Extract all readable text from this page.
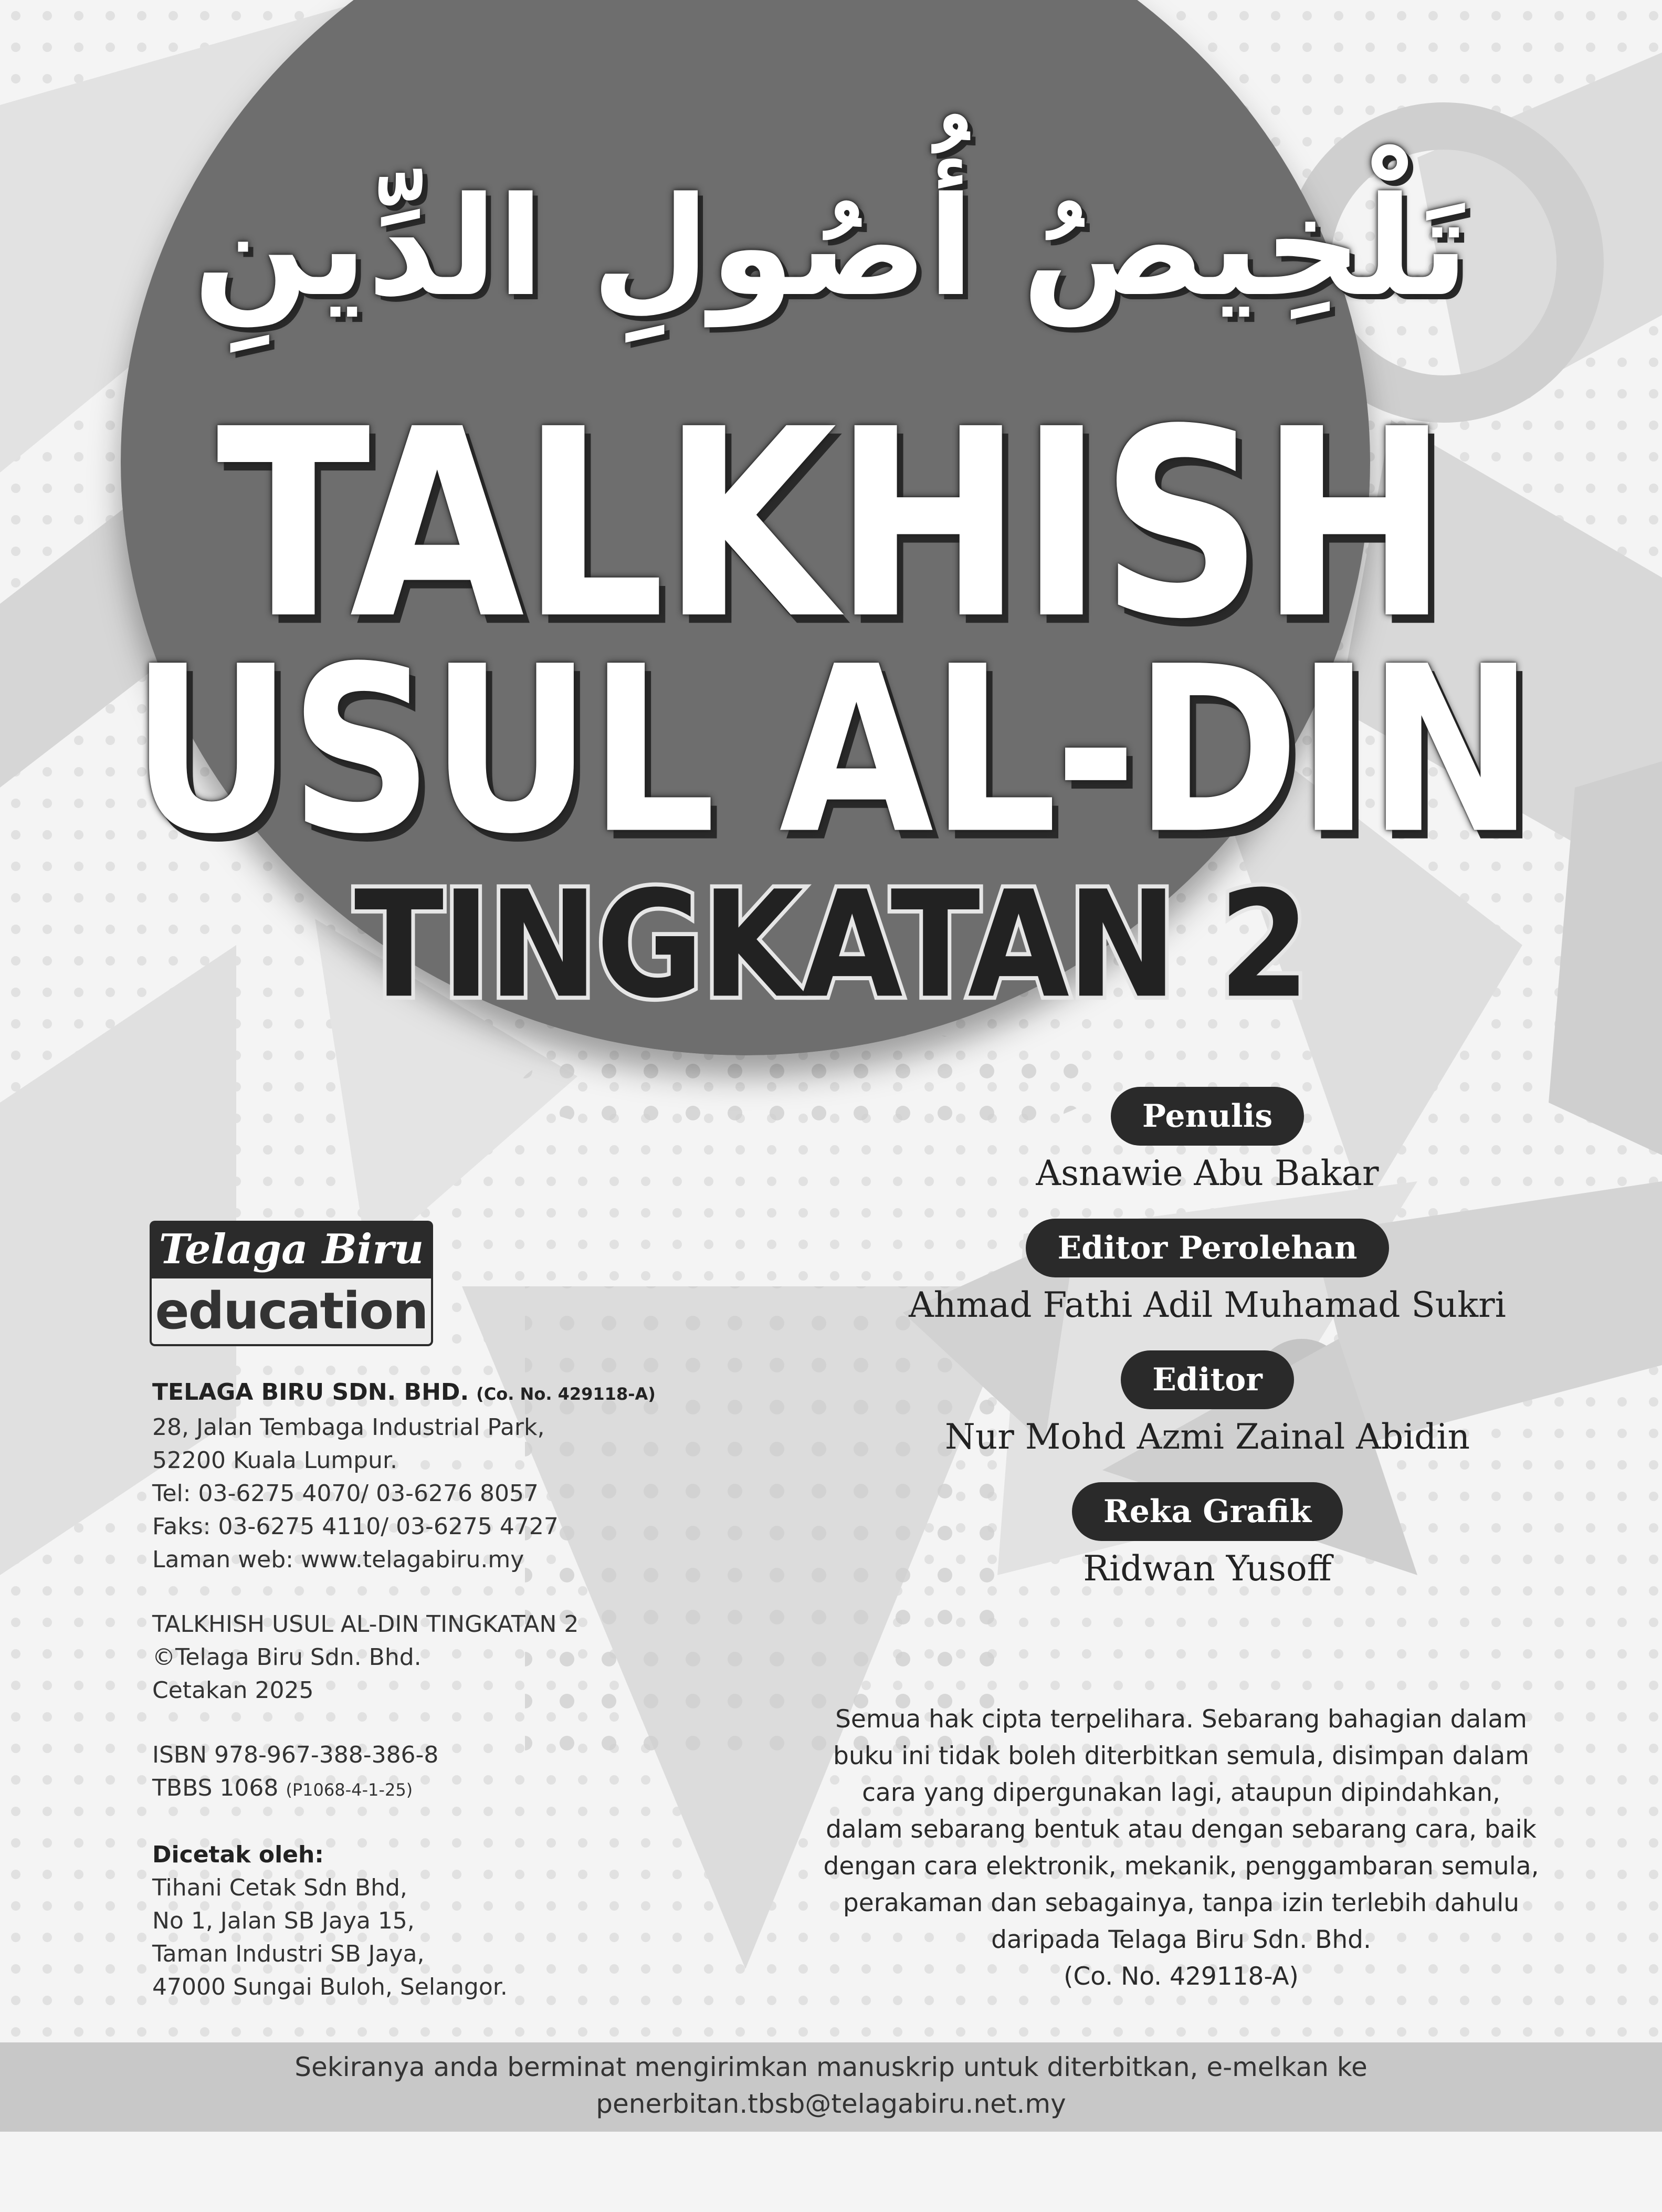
تَلْخِيصُ أُصُولِ الدِّينِ
TALKHISH
USUL AL-DIN
TINGKATAN 2
Penulis
Asnawie Abu Bakar
Editor Perolehan
Ahmad Fathi Adil Muhamad Sukri
Editor
Nur Mohd Azmi Zainal Abidin
Reka Grafik
Ridwan Yusoff
Telaga Biru
education
TELAGA BIRU SDN. BHD. (Co. No. 429118-A)
28, Jalan Tembaga Industrial Park,
52200 Kuala Lumpur.
Tel: 03-6275 4070/ 03-6276 8057
Faks: 03-6275 4110/ 03-6275 4727
Laman web: www.telagabiru.my
TALKHISH USUL AL-DIN TINGKATAN 2
©Telaga Biru Sdn. Bhd.
Cetakan 2025
ISBN 978-967-388-386-8
TBBS 1068 (P1068-4-1-25)
Dicetak oleh:
Tihani Cetak Sdn Bhd,
No 1, Jalan SB Jaya 15,
Taman Industri SB Jaya,
47000 Sungai Buloh, Selangor.
Semua hak cipta terpelihara. Sebarang bahagian dalam
buku ini tidak boleh diterbitkan semula, disimpan dalam
cara yang dipergunakan lagi, ataupun dipindahkan,
dalam sebarang bentuk atau dengan sebarang cara, baik
dengan cara elektronik, mekanik, penggambaran semula,
perakaman dan sebagainya, tanpa izin terlebih dahulu
daripada Telaga Biru Sdn. Bhd.
(Co. No. 429118-A)
Sekiranya anda berminat mengirimkan manuskrip untuk diterbitkan, e-melkan ke
penerbitan.tbsb@telagabiru.net.my
